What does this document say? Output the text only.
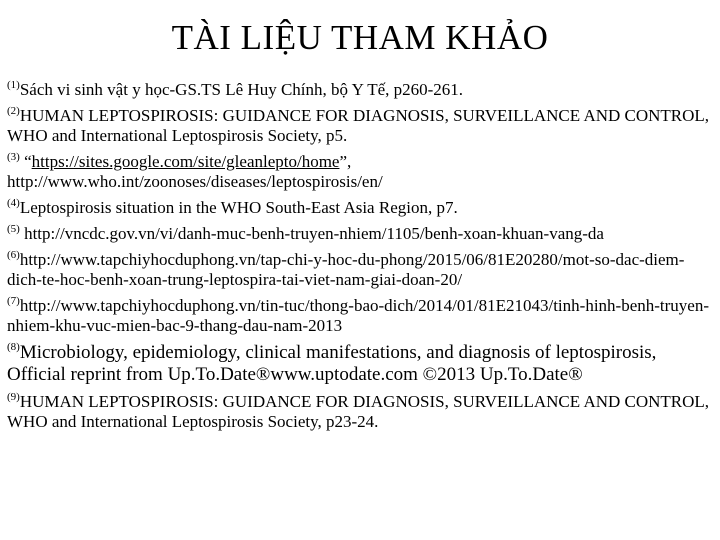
TÀI LIỆU THAM KHẢO

$^{(1)}$Sách vi sinh vật y học-GS.TS Lê Huy Chính, bộ Y Tế, p260-261.

$^{(2)}$HUMAN LEPTOSPIROSIS: GUIDANCE FOR DIAGNOSIS, SURVEILLANCE AND CONTROL, WHO and International Leptospirosis Society, p5.

$^{(3)}$ “https://sites.google.com/site/gleanlepto/home”, http://www.who.int/zoonoses/diseases/leptospirosis/en/

$^{(4)}$Leptospirosis situation in the WHO South-East Asia Region, p7.

$^{(5)}$ http://vncdc.gov.vn/vi/danh-muc-benh-truyen-nhiem/1105/benh-xoan-khuan-vang-da

$^{(6)}$http://www.tapchiyhocduphong.vn/tap-chi-y-hoc-du-phong/2015/06/81E20280/mot-so-dac-diem-dich-te-hoc-benh-xoan-trung-leptospira-tai-viet-nam-giai-doan-20/

$^{(7)}$http://www.tapchiyhocduphong.vn/tin-tuc/thong-bao-dich/2014/01/81E21043/tinh-hinh-benh-truyen-nhiem-khu-vuc-mien-bac-9-thang-dau-nam-2013

$^{(8)}$Microbiology, epidemiology, clinical manifestations, and diagnosis of leptospirosis, Official reprint from Up.To.Date®www.uptodate.com ©2013 Up.To.Date®

$^{(9)}$HUMAN LEPTOSPIROSIS: GUIDANCE FOR DIAGNOSIS, SURVEILLANCE AND CONTROL, WHO and International Leptospirosis Society, p23-24.
